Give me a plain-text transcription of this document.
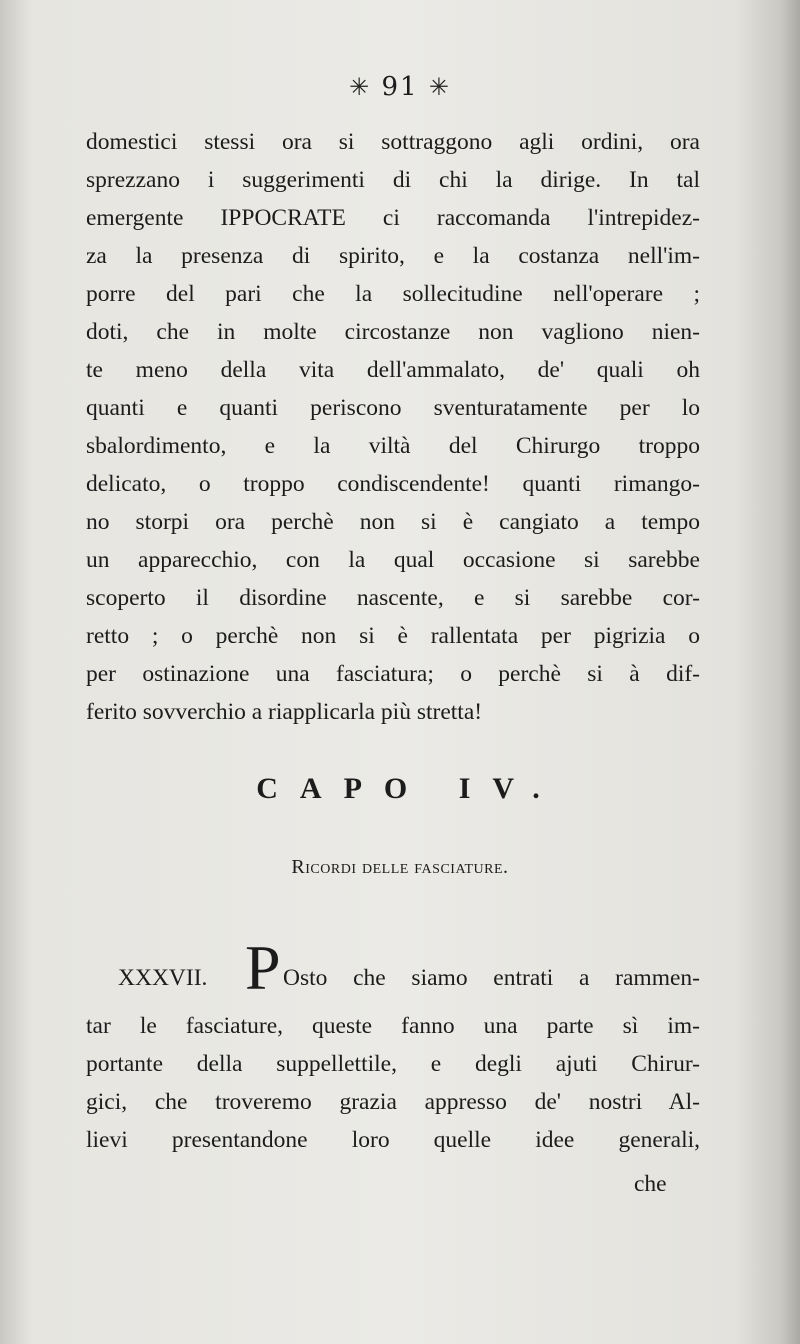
✳ 91 ✳
domestici stessi ora si sottraggono agli ordini, ora
sprezzano i suggerimenti di chi la dirige. In tal
emergente IPPOCRATE ci raccomanda l'intrepidez-
za la presenza di spirito, e la costanza nell'im-
porre del pari che la sollecitudine nell'operare ;
doti, che in molte circostanze non vagliono nien-
te meno della vita dell'ammalato, de' quali oh
quanti e quanti periscono sventuratamente per lo
sbalordimento, e la viltà del Chirurgo troppo
delicato, o troppo condiscendente! quanti rimango-
no storpi ora perchè non si è cangiato a tempo
un apparecchio, con la qual occasione si sarebbe
scoperto il disordine nascente, e si sarebbe cor-
retto ; o perchè non si è rallentata per pigrizia o
per ostinazione una fasciatura; o perchè si à dif-
ferito sovverchio a riapplicarla più stretta!
CAPO IV.
Ricordi delle fasciature.
XXXVII. P Osto che siamo entrati a rammen-
tar le fasciature, queste fanno una parte sì im-
portante della suppellettile, e degli ajuti Chirur-
gici, che troveremo grazia appresso de' nostri Al-
lievi presentandone loro quelle idee generali,
che
